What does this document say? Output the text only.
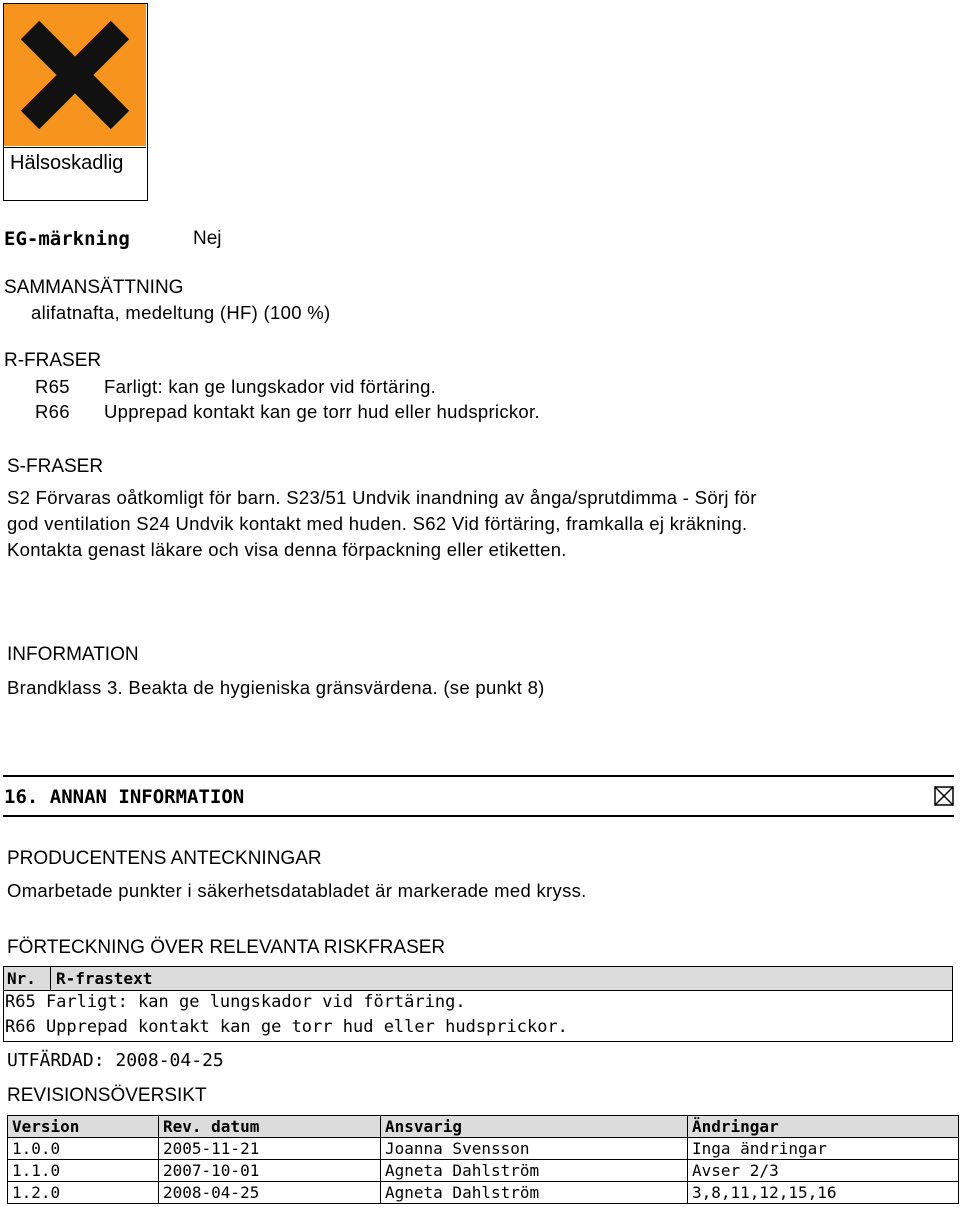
Hälsoskadlig
EG-märkning	Nej
SAMMANSÄTTNING
alifatnafta, medeltung (HF) (100 %)
R-FRASER
R65 Farligt: kan ge lungskador vid förtäring.
R66 Upprepad kontakt kan ge torr hud eller hudsprickor.
S-FRASER
S2 Förvaras oåtkomligt för barn. S23/51 Undvik inandning av ånga/sprutdimma - Sörj för
god ventilation S24 Undvik kontakt med huden. S62 Vid förtäring, framkalla ej kräkning.
Kontakta genast läkare och visa denna förpackning eller etiketten.
INFORMATION
Brandklass 3. Beakta de hygieniska gränsvärdena. (se punkt 8)
16. ANNAN INFORMATION
PRODUCENTENS ANTECKNINGAR
Omarbetade punkter i säkerhetsdatabladet är markerade med kryss.
FÖRTECKNING ÖVER RELEVANTA RISKFRASER
Nr. R-frastext
R65 Farligt: kan ge lungskador vid förtäring.
R66 Upprepad kontakt kan ge torr hud eller hudsprickor.
UTFÄRDAD: 2008-04-25
REVISIONSÖVERSIKT
Version	Rev. datum	Ansvarig	Ändringar
1.0.0	2005-11-21	Joanna Svensson	Inga ändringar
1.1.0	2007-10-01	Agneta Dahlström	Avser 2/3
1.2.0	2008-04-25	Agneta Dahlström	3,8,11,12,15,16
